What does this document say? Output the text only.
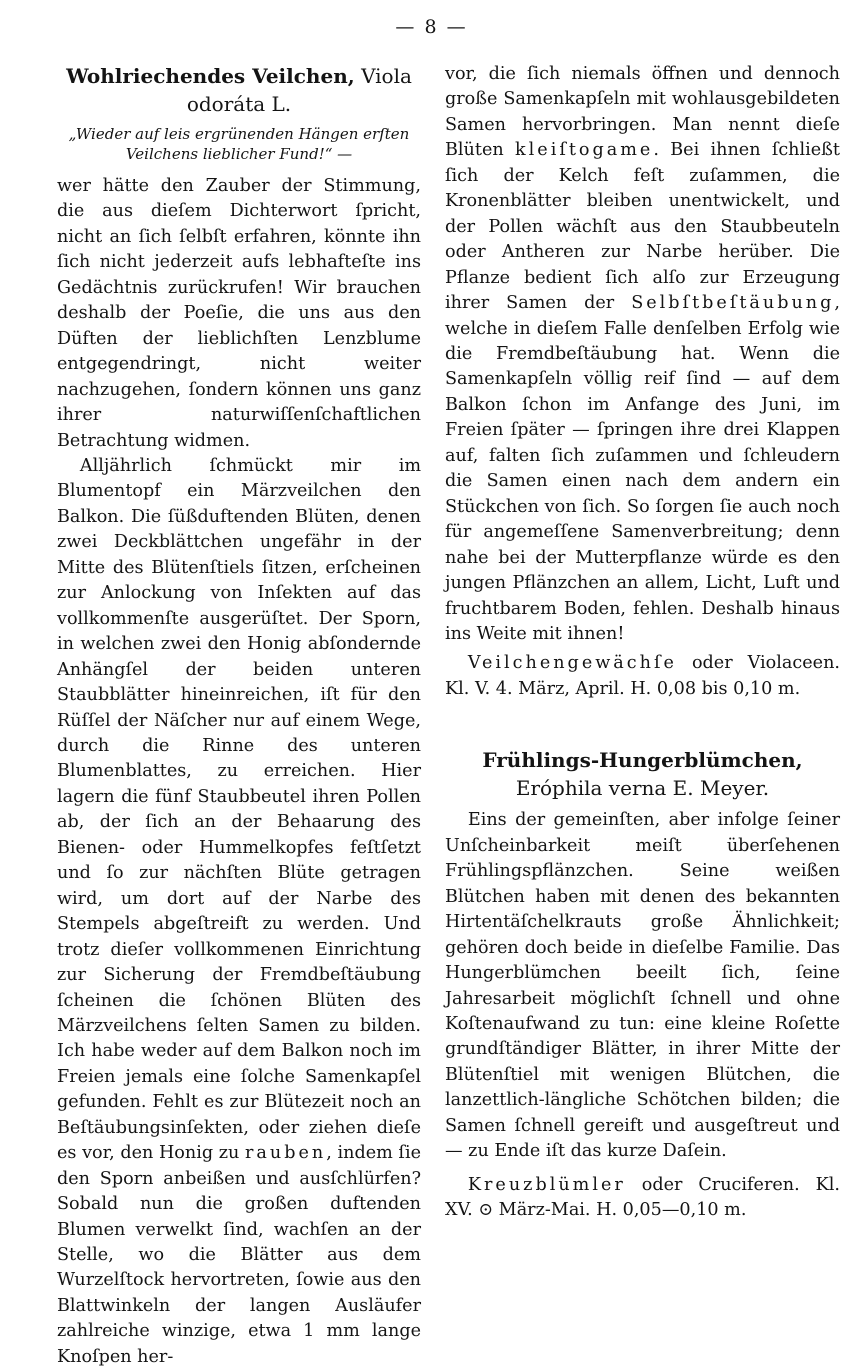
— 8 —
Wohlriechendes Veilchen, Viola odoráta L.
„Wieder auf leis ergrünenden Hängen erſten Veilchens lieblicher Fund!“ —

wer hätte den Zauber der Stimmung, die aus dieſem Dichterwort ſpricht, nicht an ſich ſelbſt erfahren, könnte ihn ſich nicht jederzeit aufs lebhafteſte ins Gedächtnis zurückrufen! Wir brauchen deshalb der Poeſie, die uns aus den Düften der lieblichſten Lenzblume entgegendringt, nicht weiter nachzugehen, ſondern können uns ganz ihrer naturwiſſenſchaftlichen Betrachtung widmen.

Alljährlich ſchmückt mir im Blumentopf ein Märzveilchen den Balkon. Die ſüßduftenden Blüten, denen zwei Deckblättchen ungefähr in der Mitte des Blütenſtiels ſitzen, erſcheinen zur Anlockung von Inſekten auf das vollkommenſte ausgerüſtet. Der Sporn, in welchen zwei den Honig abſondernde Anhängſel der beiden unteren Staubblätter hineinreichen, iſt für den Rüſſel der Näſcher nur auf einem Wege, durch die Rinne des unteren Blumenblattes, zu erreichen. Hier lagern die fünf Staubbeutel ihren Pollen ab, der ſich an der Behaarung des Bienen- oder Hummelkopfes feſtſetzt und ſo zur nächſten Blüte getragen wird, um dort auf der Narbe des Stempels abgeſtreift zu werden. Und trotz dieſer vollkommenen Einrichtung zur Sicherung der Fremdbeſtäubung ſcheinen die ſchönen Blüten des Märzveilchens ſelten Samen zu bilden. Ich habe weder auf dem Balkon noch im Freien jemals eine ſolche Samenkapſel gefunden. Fehlt es zur Blütezeit noch an Beſtäubungsinſekten, oder ziehen dieſe es vor, den Honig zu rauben, indem ſie den Sporn anbeißen und ausſchlürfen? Sobald nun die großen duftenden Blumen verwelkt ſind, wachſen an der Stelle, wo die Blätter aus dem Wurzelſtock hervortreten, ſowie aus den Blattwinkeln der langen Ausläufer zahlreiche winzige, etwa 1 mm lange Knoſpen her-

vor, die ſich niemals öffnen und dennoch große Samenkapſeln mit wohlausgebildeten Samen hervorbringen. Man nennt dieſe Blüten kleiſtogame. Bei ihnen ſchließt ſich der Kelch feſt zuſammen, die Kronenblätter bleiben unentwickelt, und der Pollen wächſt aus den Staubbeuteln oder Antheren zur Narbe herüber. Die Pflanze bedient ſich alſo zur Erzeugung ihrer Samen der Selbſtbeſtäubung, welche in dieſem Falle denſelben Erfolg wie die Fremdbeſtäubung hat. Wenn die Samenkapſeln völlig reif ſind — auf dem Balkon ſchon im Anfange des Juni, im Freien ſpäter — ſpringen ihre drei Klappen auf, falten ſich zuſammen und ſchleudern die Samen einen nach dem andern ein Stückchen von ſich. So ſorgen ſie auch noch für angemeſſene Samenverbreitung; denn nahe bei der Mutterpflanze würde es den jungen Pflänzchen an allem, Licht, Luft und fruchtbarem Boden, fehlen. Deshalb hinaus ins Weite mit ihnen!

Veilchengewächſe oder Violaceen. Kl. V. 4. März, April. H. 0,08 bis 0,10 m.

Frühlings-Hungerblümchen, Eróphila verna E. Meyer.

Eins der gemeinſten, aber infolge ſeiner Unſcheinbarkeit meiſt überſehenen Frühlingspflänzchen. Seine weißen Blütchen haben mit denen des bekannten Hirtentäſchelkrauts große Ähnlichkeit; gehören doch beide in dieſelbe Familie. Das Hungerblümchen beeilt ſich, ſeine Jahresarbeit möglichſt ſchnell und ohne Koſtenaufwand zu tun: eine kleine Roſette grundſtändiger Blätter, in ihrer Mitte der Blütenſtiel mit wenigen Blütchen, die lanzettlich-längliche Schötchen bilden; die Samen ſchnell gereift und ausgeſtreut und — zu Ende iſt das kurze Daſein.

Kreuzblümler oder Cruciferen. Kl. XV. ⊙ März-Mai. H. 0,05—0,10 m.
